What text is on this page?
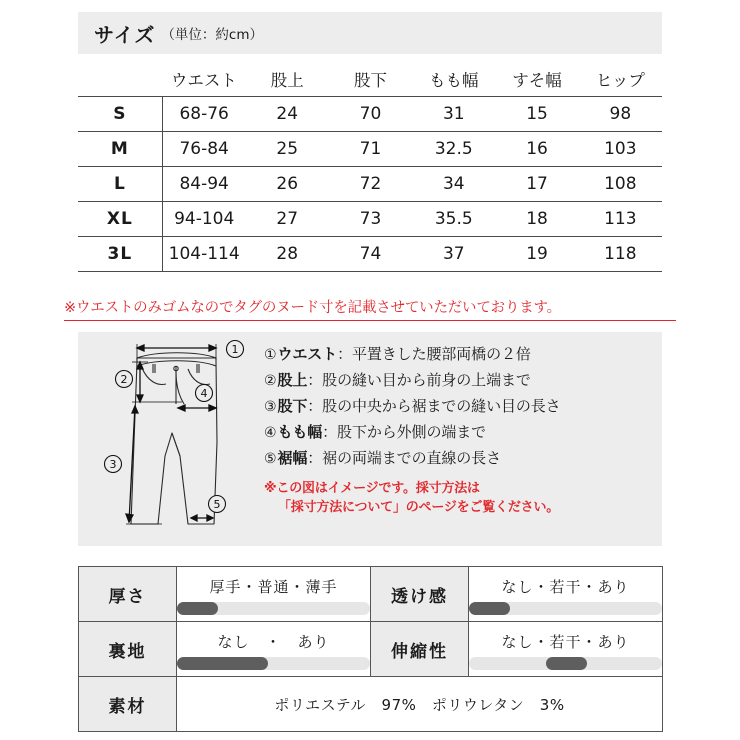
サイズ （単位：約cm）
	ウエスト	股上	股下	もも幅	すそ幅	ヒップ
S	68-76	24	70	31	15	98
M	76-84	25	71	32.5	16	103
L	84-94	26	72	34	17	108
XL	94-104	27	73	35.5	18	113
3L	104-114	28	74	37	19	118
※ウエストのみゴムなのでタグのヌード寸を記載させていただいております。
1
2
3
4
5
①ウエスト：平置きした腰部両橋の２倍
②股上：股の縫い目から前身の上端まで
③股下：股の中央から裾までの縫い目の長さ
④もも幅：股下から外側の端まで
⑤裾幅：裾の両端までの直線の長さ
※この図はイメージです。採寸方法は
「採寸方法について」のページをご覧ください。
厚さ	厚手・普通・薄手	透け感	なし・若干・あり

裏地	なし　・　あり	伸縮性	なし・若干・あり

素材	ポリエステル　97%　ポリウレタン　3%		
